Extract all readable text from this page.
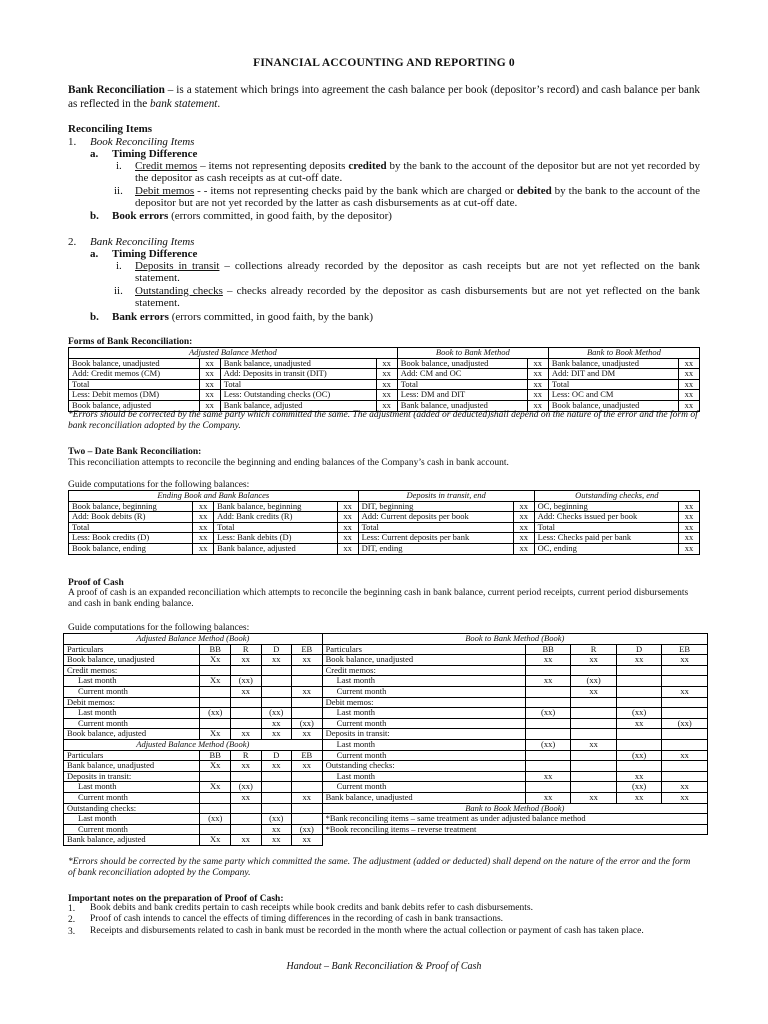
FINANCIAL ACCOUNTING AND REPORTING 0
Bank Reconciliation – is a statement which brings into agreement the cash balance per book (depositor’s record) and cash balance per bank as reflected in the bank statement.
Reconciling Items
1. Book Reconciling Items
a. Timing Difference
i. Credit memos – items not representing deposits credited by the bank to the account of the depositor but are not yet recorded by the depositor as cash receipts as at cut-off date.
ii. Debit memos - - items not representing checks paid by the bank which are charged or debited by the bank to the account of the depositor but are not yet recorded by the latter as cash disbursements as at cut-off date.
b. Book errors (errors committed, in good faith, by the depositor)
2. Bank Reconciling Items
a. Timing Difference
i. Deposits in transit – collections already recorded by the depositor as cash receipts but are not yet reflected on the bank statement.
ii. Outstanding checks – checks already recorded by the depositor as cash disbursements but are not yet reflected on the bank statement.
b. Bank errors (errors committed, in good faith, by the bank)
Forms of Bank Reconciliation:
Adjusted Balance Method				Book to Bank Method		Bank to Book Method	
Book balance, unadjusted	xx	Bank balance, unadjusted	xx	Book balance, unadjusted	xx	Bank balance, unadjusted	xx
Add: Credit memos (CM)	xx	Add: Deposits in transit (DIT)	xx	Add: CM and OC	xx	Add: DIT and DM	xx
Total	xx	Total	xx	Total	xx	Total	xx
Less: Debit memos (DM)	xx	Less: Outstanding checks (OC)	xx	Less: DM and DIT	xx	Less: OC and CM	xx
Book balance, adjusted	xx	Bank balance, adjusted	xx	Bank balance, unadjusted	xx	Book balance, unadjusted	xx
*Errors should be corrected by the same party which committed the same. The adjustment (added or deducted)shall depend on the nature of the error and the form of bank reconciliation adopted by the Company.
Two – Date Bank Reconciliation:
This reconciliation attempts to reconcile the beginning and ending balances of the Company’s cash in bank account.
Guide computations for the following balances:
Ending Book and Bank Balances				Deposits in transit, end		Outstanding checks, end	
Book balance, beginning	xx	Bank balance, beginning	xx	DIT, beginning	xx	OC, beginning	xx
Add: Book debits (R)	xx	Add: Bank credits (R)	xx	Add: Current deposits per book	xx	Add: Checks issued per book	xx
Total	xx	Total	xx	Total	xx	Total	xx
Less: Book credits (D)	xx	Less: Bank debits (D)	xx	Less: Current deposits per bank	xx	Less: Checks paid per bank	xx
Book balance, ending	xx	Bank balance, adjusted	xx	DIT, ending	xx	OC, ending	xx
Proof of Cash
A proof of cash is an expanded reconciliation which attempts to reconcile the beginning cash in bank balance, current period receipts, current period disbursements and cash in bank ending balance.
Guide computations for the following balances:
Adjusted Balance Method (Book)					Book to Bank Method (Book)				
Particulars	BB	R	D	EB	Particulars	BB	R	D	EB
Book balance, unadjusted	Xx	xx	xx	xx	Book balance, unadjusted	xx	xx	xx	xx
Credit memos:					Credit memos:				
Last month	Xx	(xx)			Last month	xx	(xx)		
Current month		xx		xx	Current month		xx		xx
Debit memos:					Debit memos:				
Last month	(xx)		(xx)		Last month	(xx)		(xx)	
Current month			xx	(xx)	Current month			xx	(xx)
Book balance, adjusted	Xx	xx	xx	xx	Deposits in transit:				
Adjusted Balance Method (Book)					Last month	(xx)	xx		
Particulars	BB	R	D	EB	Current month			(xx)	xx
Bank balance, unadjusted	Xx	xx	xx	xx	Outstanding checks:				
Deposits in transit:					Last month	xx		xx	
Last month	Xx	(xx)			Current month			(xx)	xx
Current month		xx		xx	Bank balance, unadjusted	xx	xx	xx	xx
Outstanding checks:					Bank to Book Method (Book)				
Last month	(xx)		(xx)		*Bank reconciling items – same treatment as under adjusted balance method				
Current month			xx	(xx)	*Book reconciling items – reverse treatment				
Bank balance, adjusted	Xx	xx	xx	xx					
*Errors should be corrected by the same party which committed the same. The adjustment (added or deducted) shall depend on the nature of the error and the form of bank reconciliation adopted by the Company.
Important notes on the preparation of Proof of Cash:
1. Book debits and bank credits pertain to cash receipts while book credits and bank debits refer to cash disbursements.
2. Proof of cash intends to cancel the effects of timing differences in the recording of cash in bank transactions.
3. Receipts and disbursements related to cash in bank must be recorded in the month where the actual collection or payment of cash has taken place.
Handout – Bank Reconciliation & Proof of Cash
